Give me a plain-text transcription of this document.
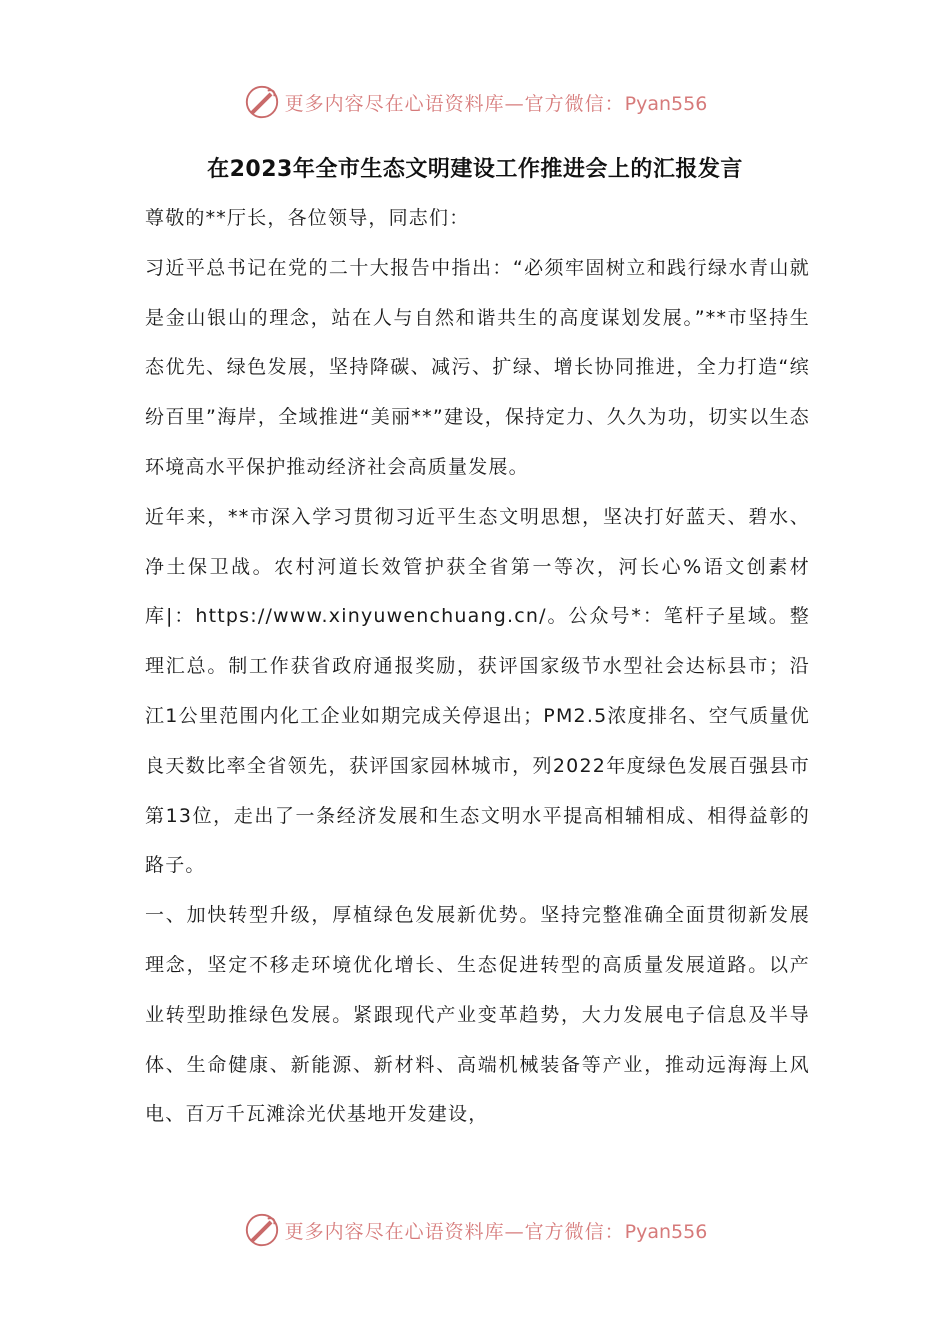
更多内容尽在心语资料库—官方微信：Pyan556
在2023年全市生态文明建设工作推进会上的汇报发言

尊敬的**厅长，各位领导，同志们：

习近平总书记在党的二十大报告中指出：“必须牢固树立和践行绿水青山就是金山银山的理念，站在人与自然和谐共生的高度谋划发展。”**市坚持生态优先、绿色发展，坚持降碳、减污、扩绿、增长协同推进，全力打造“缤纷百里”海岸，全域推进“美丽**”建设，保持定力、久久为功，切实以生态环境高水平保护推动经济社会高质量发展。

近年来，**市深入学习贯彻习近平生态文明思想，坚决打好蓝天、碧水、净土保卫战。农村河道长效管护获全省第一等次，河长心%语文创素材库|：https://www.xinyuwenchuang.cn/。公众号*：笔杆子星域。整理汇总。制工作获省政府通报奖励，获评国家级节水型社会达标县市；沿江1公里范围内化工企业如期完成关停退出；PM2.5浓度排名、空气质量优良天数比率全省领先，获评国家园林城市，列2022年度绿色发展百强县市第13位，走出了一条经济发展和生态文明水平提高相辅相成、相得益彰的路子。

一、加快转型升级，厚植绿色发展新优势。坚持完整准确全面贯彻新发展理念，坚定不移走环境优化增长、生态促进转型的高质量发展道路。以产业转型助推绿色发展。紧跟现代产业变革趋势，大力发展电子信息及半导体、生命健康、新能源、新材料、高端机械装备等产业，推动远海海上风电、百万千瓦滩涂光伏基地开发建设，

更多内容尽在心语资料库—官方微信：Pyan556
